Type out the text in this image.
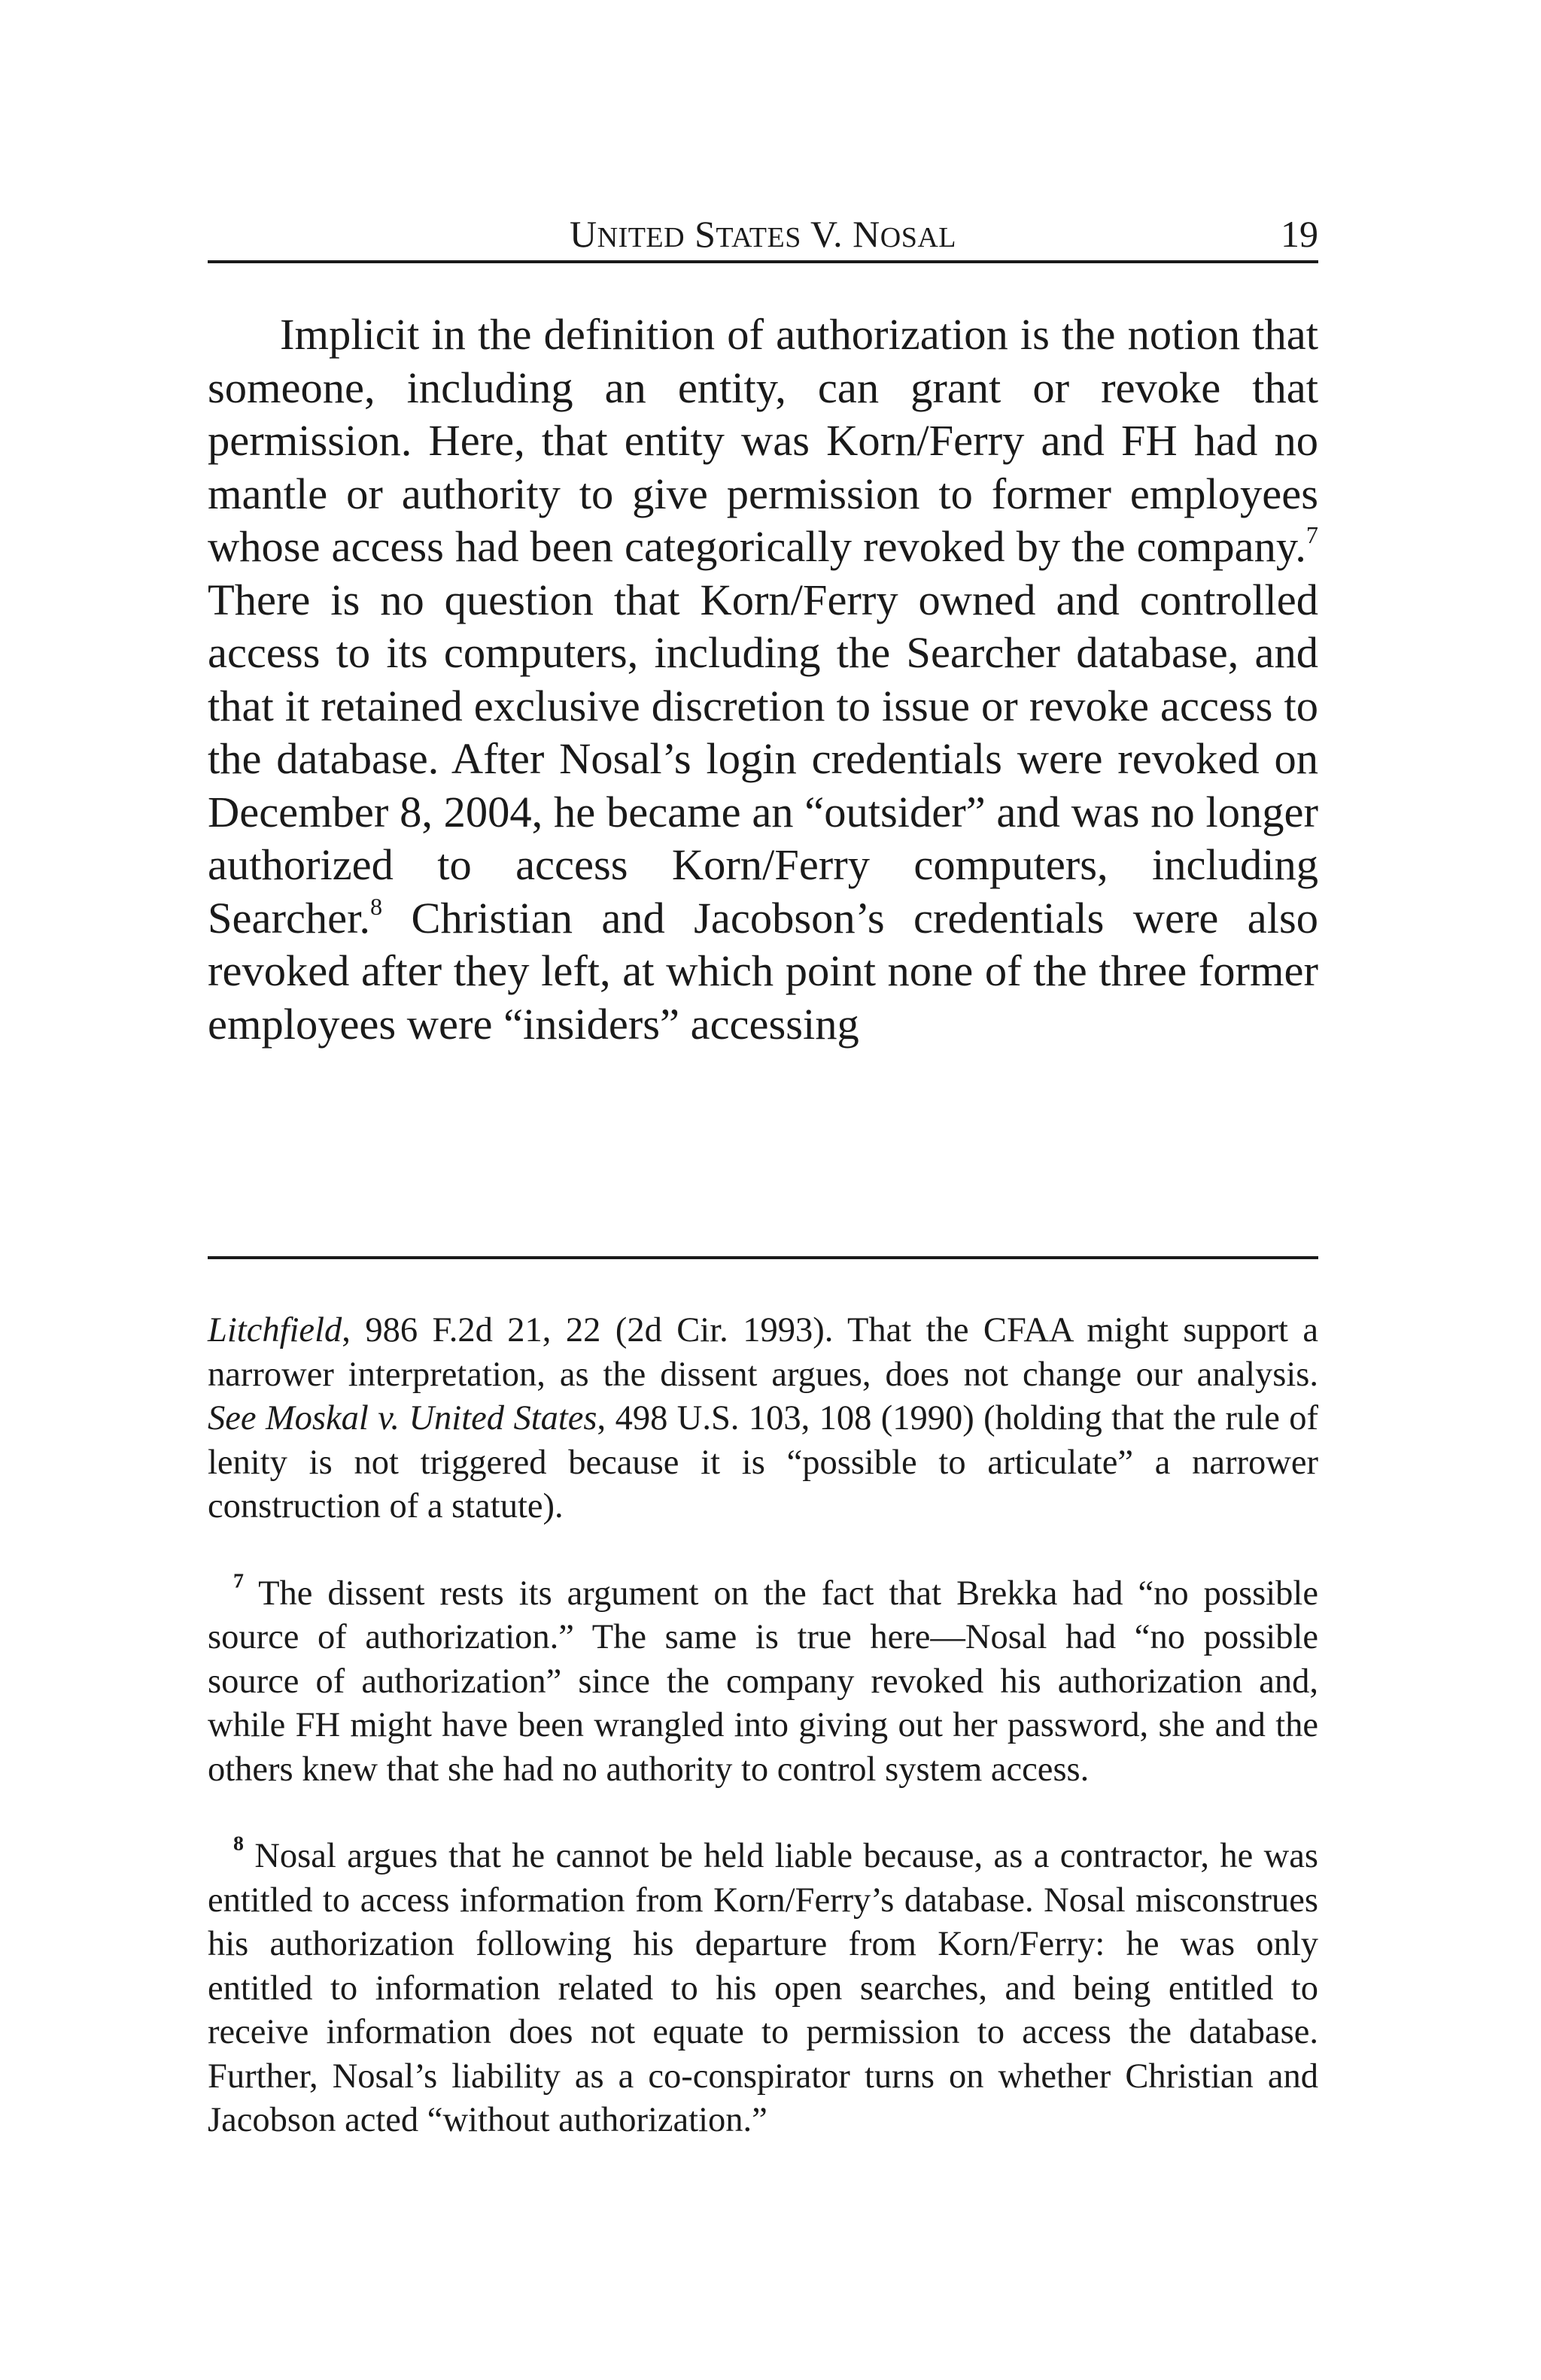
UNITED STATES V. NOSAL	19

Implicit in the definition of authorization is the notion that someone, including an entity, can grant or revoke that permission. Here, that entity was Korn/Ferry and FH had no mantle or authority to give permission to former employees whose access had been categorically revoked by the company.$^7$ There is no question that Korn/Ferry owned and controlled access to its computers, including the Searcher database, and that it retained exclusive discretion to issue or revoke access to the database. After Nosal’s login credentials were revoked on December 8, 2004, he became an “outsider” and was no longer authorized to access Korn/Ferry computers, including Searcher.$^8$ Christian and Jacobson’s credentials were also revoked after they left, at which point none of the three former employees were “insiders” accessing

Litchfield, 986 F.2d 21, 22 (2d Cir. 1993). That the CFAA might support a narrower interpretation, as the dissent argues, does not change our analysis. See Moskal v. United States, 498 U.S. 103, 108 (1990) (holding that the rule of lenity is not triggered because it is “possible to articulate” a narrower construction of a statute).

$^7$ The dissent rests its argument on the fact that Brekka had “no possible source of authorization.” The same is true here—Nosal had “no possible source of authorization” since the company revoked his authorization and, while FH might have been wrangled into giving out her password, she and the others knew that she had no authority to control system access.

$^8$ Nosal argues that he cannot be held liable because, as a contractor, he was entitled to access information from Korn/Ferry’s database. Nosal misconstrues his authorization following his departure from Korn/Ferry: he was only entitled to information related to his open searches, and being entitled to receive information does not equate to permission to access the database. Further, Nosal’s liability as a co-conspirator turns on whether Christian and Jacobson acted “without authorization.”
